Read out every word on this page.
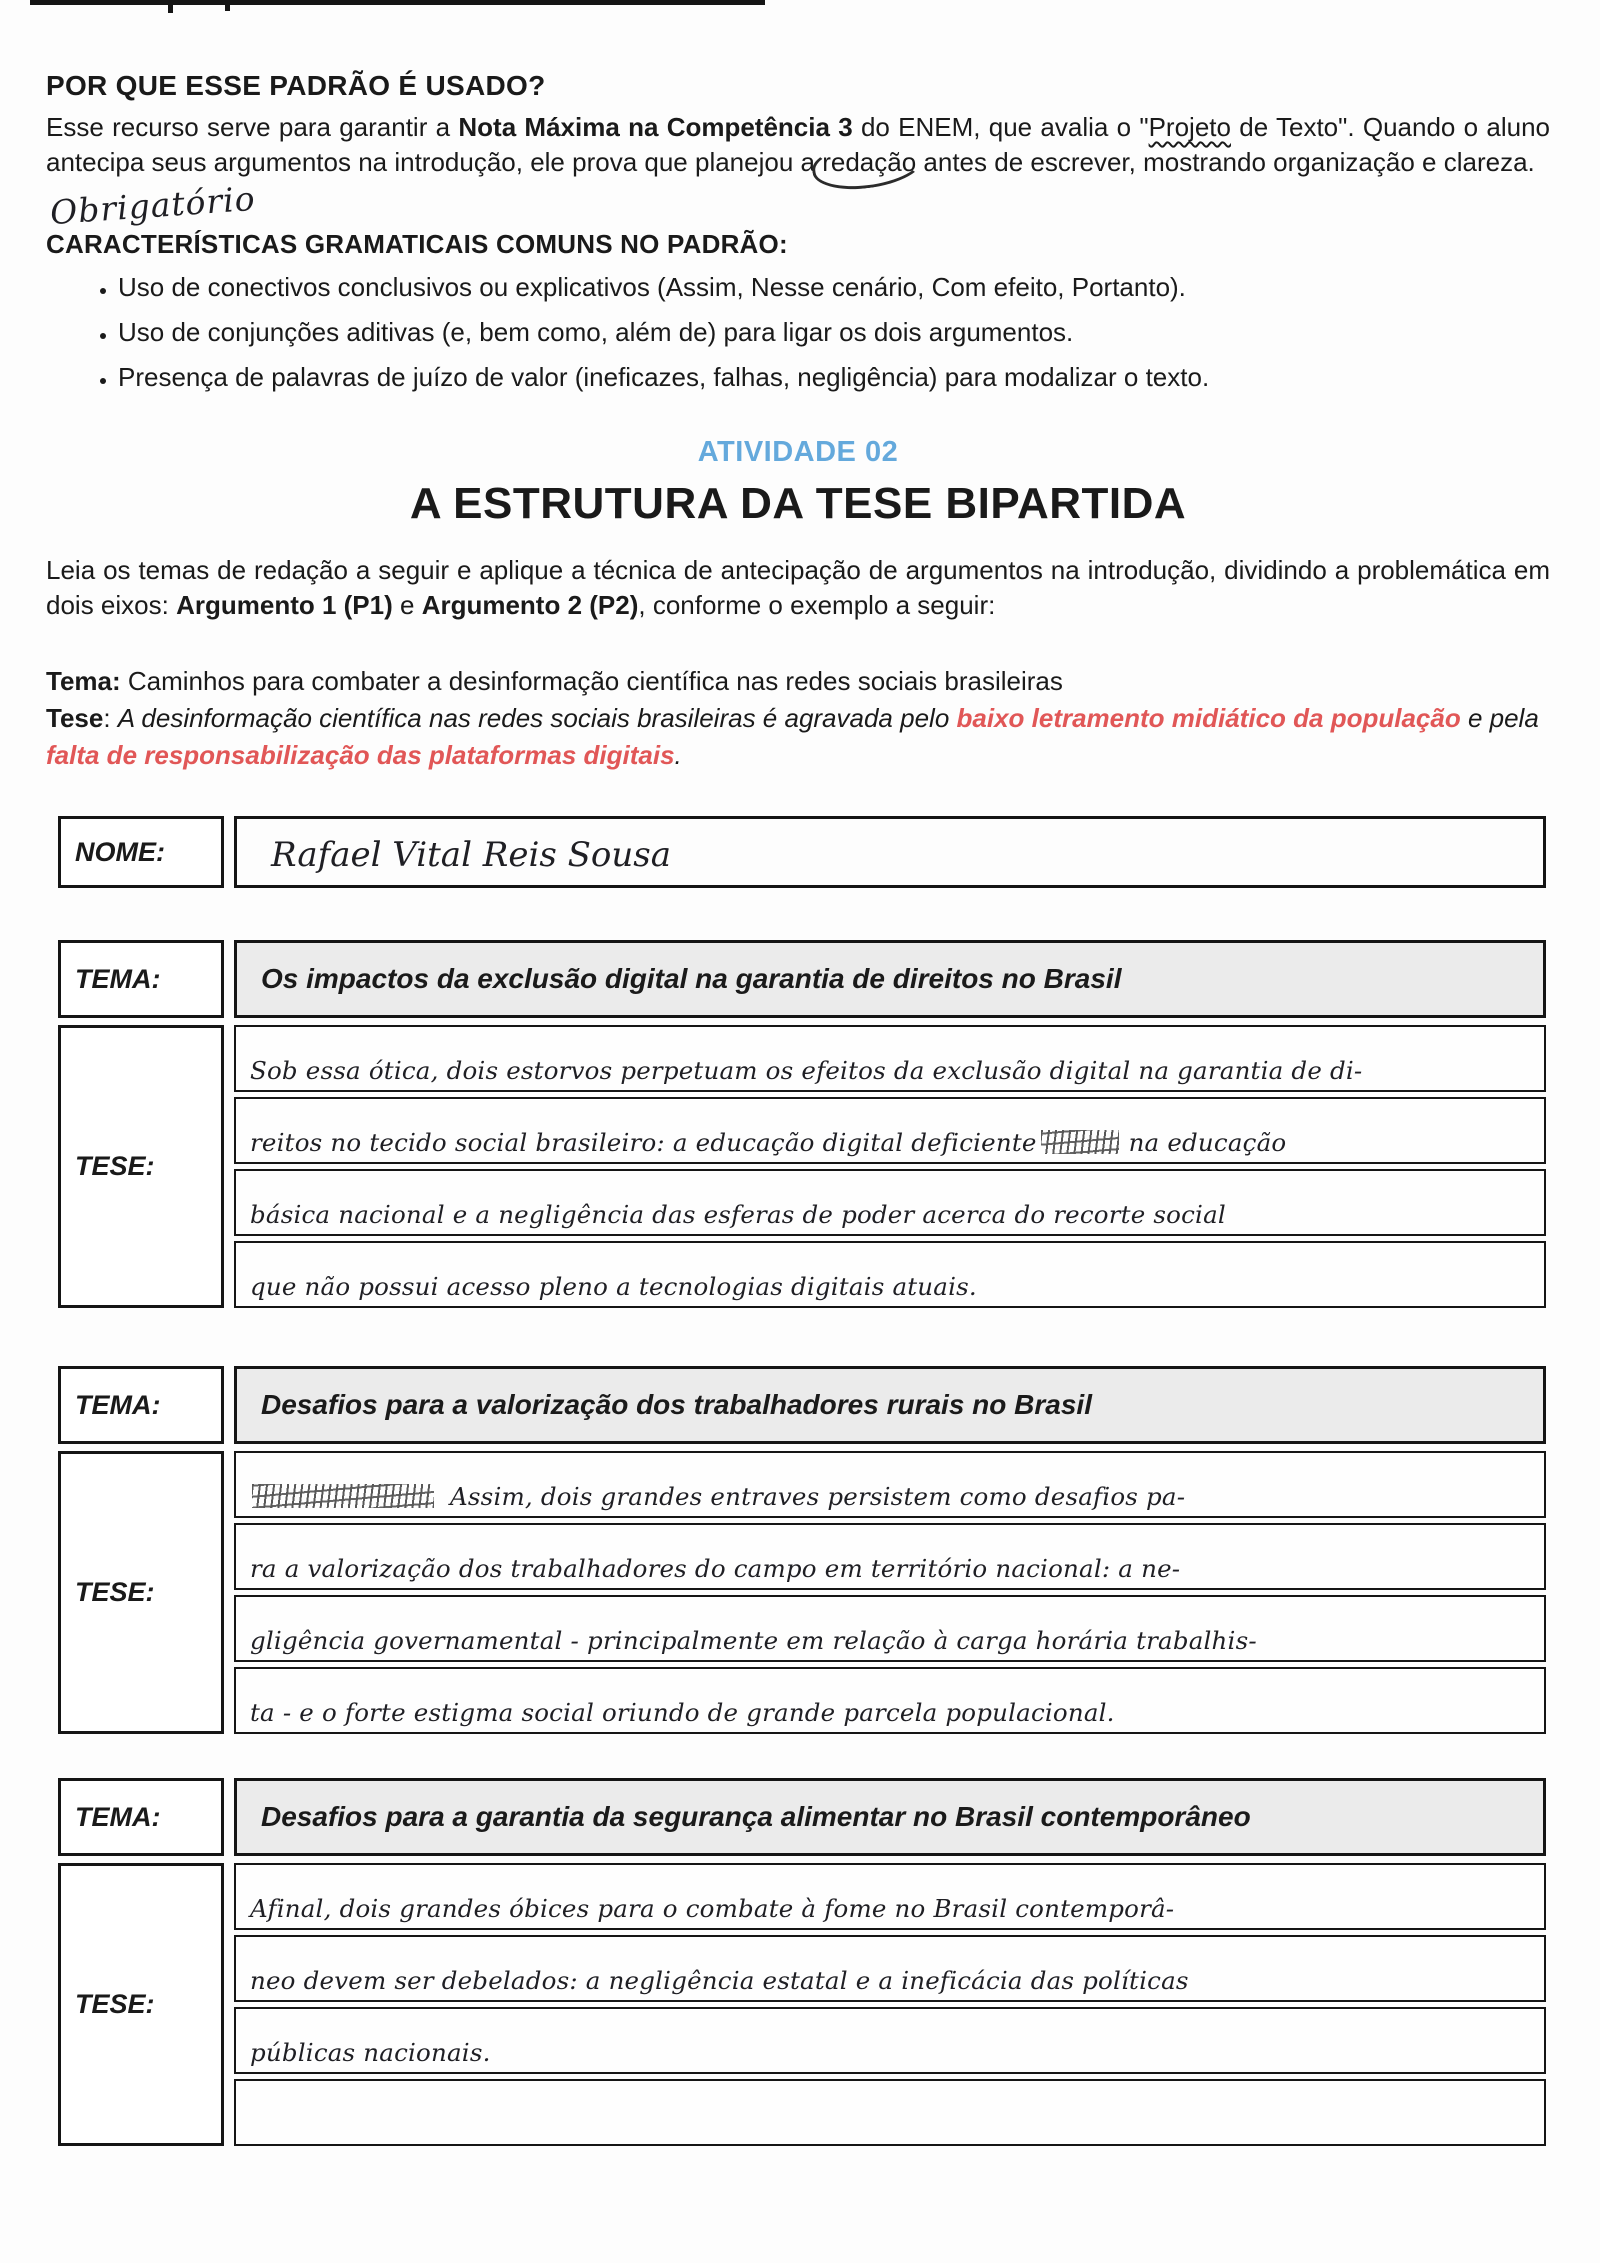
POR QUE ESSE PADRÃO É USADO?

Esse recurso serve para garantir a Nota Máxima na Competência 3 do ENEM, que avalia o "Projeto de Texto". Quando o aluno antecipa seus argumentos na introdução, ele prova que planejou a redação antes de escrever, mostrando organização e clareza.

Obrigatório
CARACTERÍSTICAS GRAMATICAIS COMUNS NO PADRÃO:
• Uso de conectivos conclusivos ou explicativos (Assim, Nesse cenário, Com efeito, Portanto).
• Uso de conjunções aditivas (e, bem como, além de) para ligar os dois argumentos.
• Presença de palavras de juízo de valor (ineficazes, falhas, negligência) para modalizar o texto.
ATIVIDADE 02
A ESTRUTURA DA TESE BIPARTIDA

Leia os temas de redação a seguir e aplique a técnica de antecipação de argumentos na introdução, dividindo a problemática em dois eixos: Argumento 1 (P1) e Argumento 2 (P2), conforme o exemplo a seguir:

Tema: Caminhos para combater a desinformação científica nas redes sociais brasileiras
Tese: A desinformação científica nas redes sociais brasileiras é agravada pelo baixo letramento midiático da população e pela falta de responsabilização das plataformas digitais.
NOME:	Rafael Vital Reis Sousa
TEMA:	Os impactos da exclusão digital na garantia de direitos no Brasil
TESE:
Sob essa ótica, dois estorvos perpetuam os efeitos da exclusão digital na garantia de di-
reitos no tecido social brasileiro: a educação digital deficiente	na educação
básica nacional e a negligência das esferas de poder acerca do recorte social
que não possui acesso pleno a tecnologias digitais atuais.
TEMA:	Desafios para a valorização dos trabalhadores rurais no Brasil
TESE:
Assim, dois grandes entraves persistem como desafios pa-
ra a valorização dos trabalhadores do campo em território nacional: a ne-
gligência governamental - principalmente em relação à carga horária trabalhis-
ta - e o forte estigma social oriundo de grande parcela populacional.
TEMA:	Desafios para a garantia da segurança alimentar no Brasil contemporâneo
TESE:
Afinal, dois grandes óbices para o combate à fome no Brasil contemporâ-
neo devem ser debelados: a negligência estatal e a ineficácia das políticas
públicas nacionais.
